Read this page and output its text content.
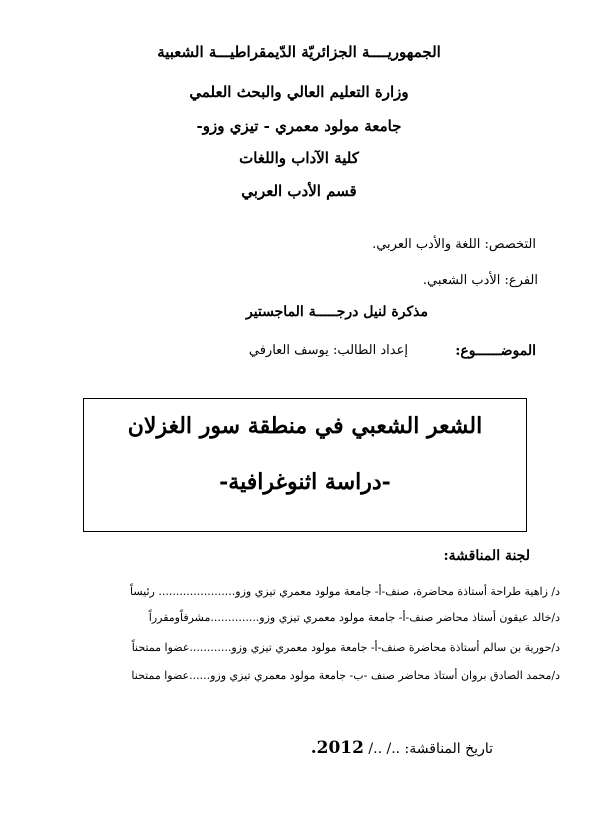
الجمهوريــــة الجزائريّة الدّيمقراطيـــة الشعبية
وزارة التعليم العالي والبحث العلمي
جامعة مولود معمري - تيزي وزو-
كلية الآداب واللغات
قسم الأدب العربي
التخصص: اللغة والأدب العربي.
الفرع: الأدب الشعبي.
مذكرة لنيل درجـــــة الماجستير
الموضــــــوع:
إعداد الطالب: يوسف العارفي
الشعر الشعبي في منطقة سور الغزلان
-دراسة اثنوغرافية-
لجنة المناقشة:
د/ زاهية طراحة أستاذة محاضرة، صنف-أ- جامعة مولود معمري تيزي وزو...................... رئيساً
د/خالد عيقون أستاذ محاضر صنف-أ- جامعة مولود معمري تيزي وزو..............مشرفاًومقرراً
د/حورية بن سالم أستاذة محاضرة صنف-أ- جامعة مولود معمري تيزي وزو............عضوا ممتحناً
د/محمد الصادق بروان أستاذ محاضر صنف -ب- جامعة مولود معمري تيزي وزو......عضوا ممتحنا
تاريخ المناقشة: ../ ../ 2012.
